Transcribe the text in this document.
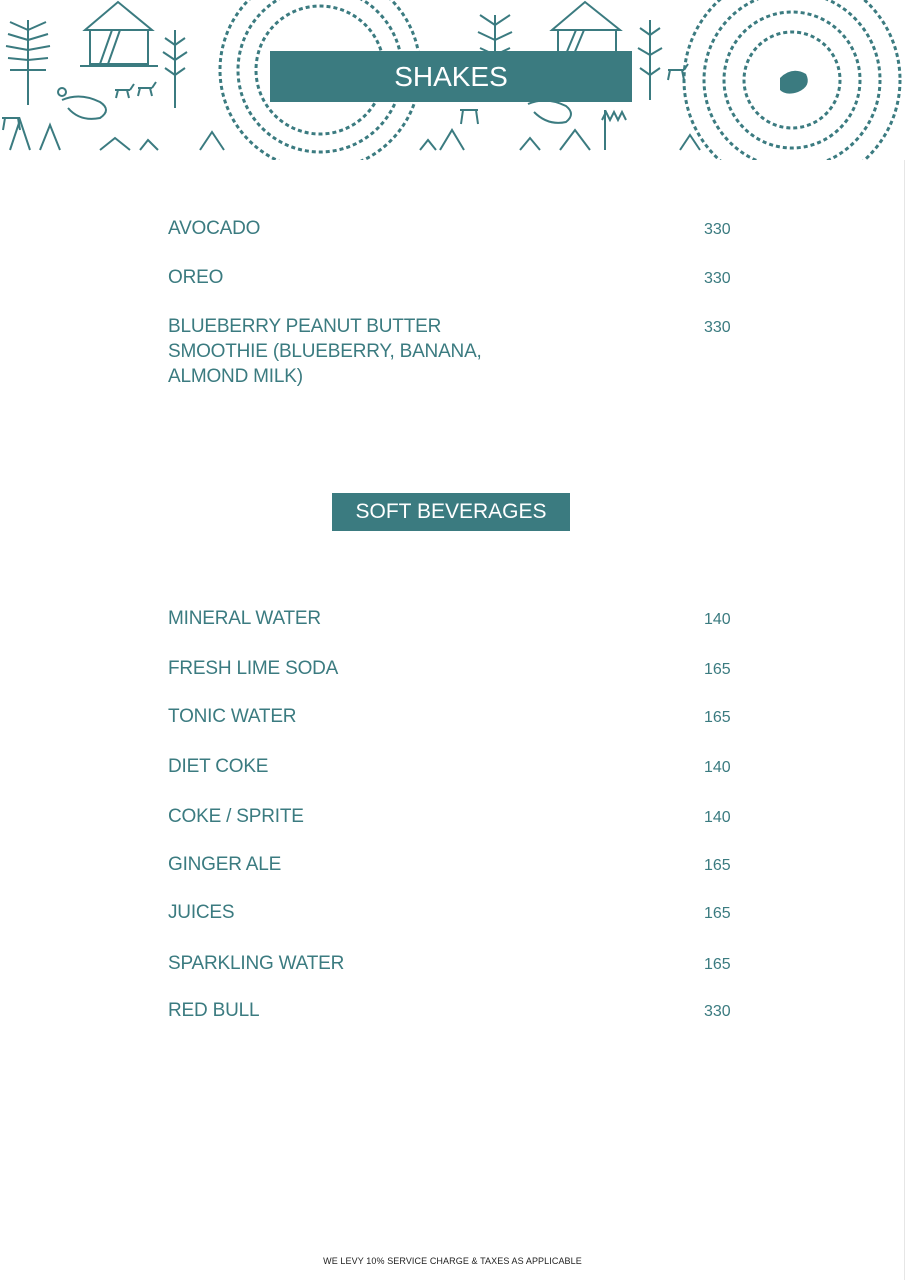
SHAKES
AVOCADO	330
OREO	330
BLUEBERRY PEANUT BUTTER
SMOOTHIE (BLUEBERRY, BANANA,
ALMOND MILK)
330
SOFT BEVERAGES
MINERAL WATER	140
FRESH LIME SODA	165
TONIC WATER	165
DIET COKE	140
COKE / SPRITE	140
GINGER ALE	165
JUICES	165
SPARKLING WATER	165
RED BULL	330
WE LEVY 10% SERVICE CHARGE & TAXES AS APPLICABLE
